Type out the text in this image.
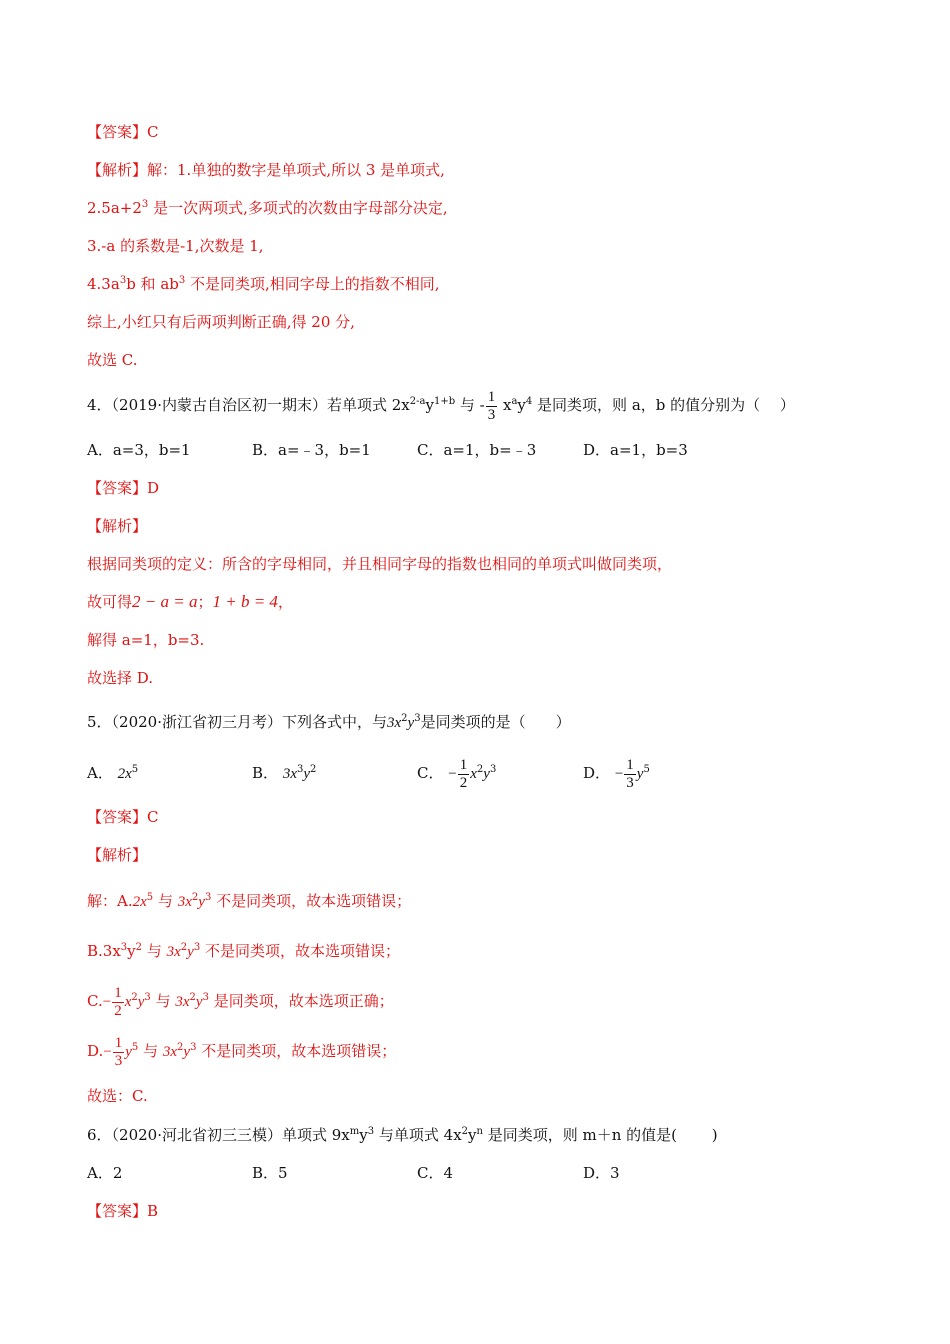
【答案】C
【解析】解：1.单独的数字是单项式,所以 3 是单项式,
$2.5a+2^3$ 是一次两项式,多项式的次数由字母部分决定,
3.-a 的系数是-1,次数是 1,
$4.3a^3b$ 和 $ab^3$ 不是同类项,相同字母上的指数不相同,
综上,小红只有后两项判断正确,得 20 分,
故选 C.
4．（2019·内蒙古自治区初一期末）若单项式 $2x^{2-a}y^{1+b}$ 与 - $\frac{1}{3} x^ay^4$ 是同类项，则 a，b 的值分别为（　 ）
A．a=3，b=1	B．a=﹣3，b=1	C．a=1，b=﹣3	D．a=1，b=3
【答案】D
【解析】
根据同类项的定义：所含的字母相同，并且相同字母的指数也相同的单项式叫做同类项，
故可得2 − a = a；1 + b = 4，
解得 a=1，b=3.
故选择 D.
5．（2020·浙江省初三月考）下列各式中，与$3x^2y^3$是同类项的是（　　）
A． $2x^5$	B． $3x^3y^2$	C． − $\frac{1}{2} x^2y^3$	D． − $\frac{1}{3} y^5$
【答案】C
【解析】
解：$A.2x^5$ 与 $3x^2y^3$ 不是同类项，故本选项错误；
$B.3x^3y^2$ 与 $3x^2y^3$ 不是同类项，故本选项错误；
$C.- \frac{1}{2} x^2y^3$ 与 $3x^2y^3$ 是同类项，故本选项正确；
$D.- \frac{1}{3} y^5$ 与 $3x^2y^3$ 不是同类项，故本选项错误；
故选：C.
6．（2020·河北省初三三模）单项式 $9x^my^3$ 与单项式 $4x^2y^n$ 是同类项，则 m＋n 的值是(　　 )
A．2	B．5	C．4	D．3
【答案】B
